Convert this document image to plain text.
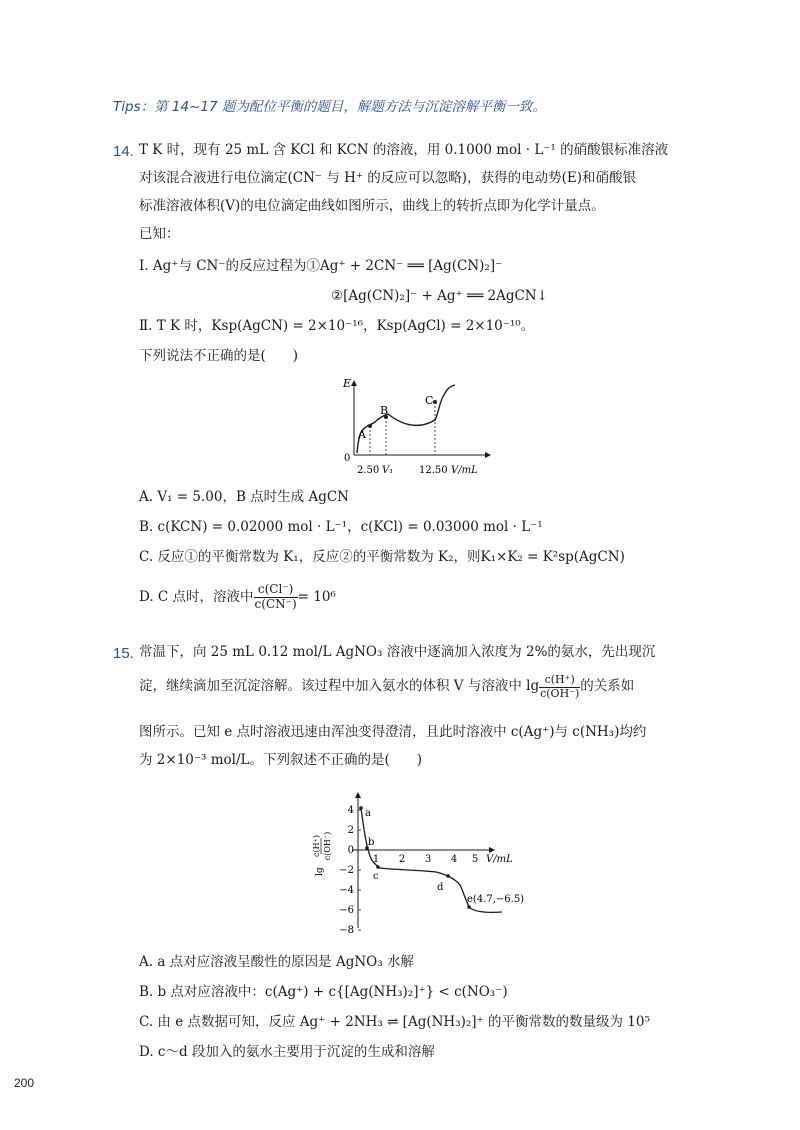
Tips：第 14~17 题为配位平衡的题目，解题方法与沉淀溶解平衡一致。
14. T K 时，现有 25 mL 含 KCl 和 KCN 的溶液，用 0.1000 mol · L⁻¹ 的硝酸银标准溶液
对该混合液进行电位滴定(CN⁻ 与 H⁺ 的反应可以忽略)，获得的电动势(E)和硝酸银
标准溶液体积(V)的电位滴定曲线如图所示，曲线上的转折点即为化学计量点。
已知：
Ⅰ. Ag⁺与 CN⁻的反应过程为①Ag⁺ + 2CN⁻ ══ [Ag(CN)₂]⁻
②[Ag(CN)₂]⁻ + Ag⁺ ══ 2AgCN↓
Ⅱ. T K 时，Ksp(AgCN) = 2×10⁻¹⁶，Ksp(AgCl) = 2×10⁻¹⁰。
下列说法不正确的是(　　)
E
0
A
B
C
2.50 V₁	12.50 V/mL
A. V₁ = 5.00，B 点时生成 AgCN
B. c(KCN) = 0.02000 mol · L⁻¹，c(KCl) = 0.03000 mol · L⁻¹
C. 反应①的平衡常数为 K₁，反应②的平衡常数为 K₂，则K₁×K₂ = K²sp(AgCN)
D. C 点时，溶液中 $\frac{c(Cl^-)}{c(CN^-)} = 10^6$
15. 常温下，向 25 mL 0.12 mol/L AgNO₃ 溶液中逐滴加入浓度为 2%的氨水，先出现沉
淀，继续滴加至沉淀溶解。该过程中加入氨水的体积 V 与溶液中 $\lg \frac{c(H^+)}{c(OH^-)}$ 的关系如
图所示。已知 e 点时溶液迅速由浑浊变得澄清，且此时溶液中 c(Ag⁺)与 c(NH₃)均约
为 2×10⁻³ mol/L。下列叙述不正确的是(　　)
lg
c(H⁺) c(OH⁻)
4
2
0
−2
−4
−6
−8
1 2 3 4 5 V/mL
a
b
c
d
e(4.7,−6.5)
A. a 点对应溶液呈酸性的原因是 AgNO₃ 水解
B. b 点对应溶液中：c(Ag⁺) + c{[Ag(NH₃)₂]⁺} < c(NO₃⁻)
C. 由 e 点数据可知，反应 Ag⁺ + 2NH₃ ⇌ [Ag(NH₃)₂]⁺ 的平衡常数的数量级为 10⁵
D. c～d 段加入的氨水主要用于沉淀的生成和溶解
200
